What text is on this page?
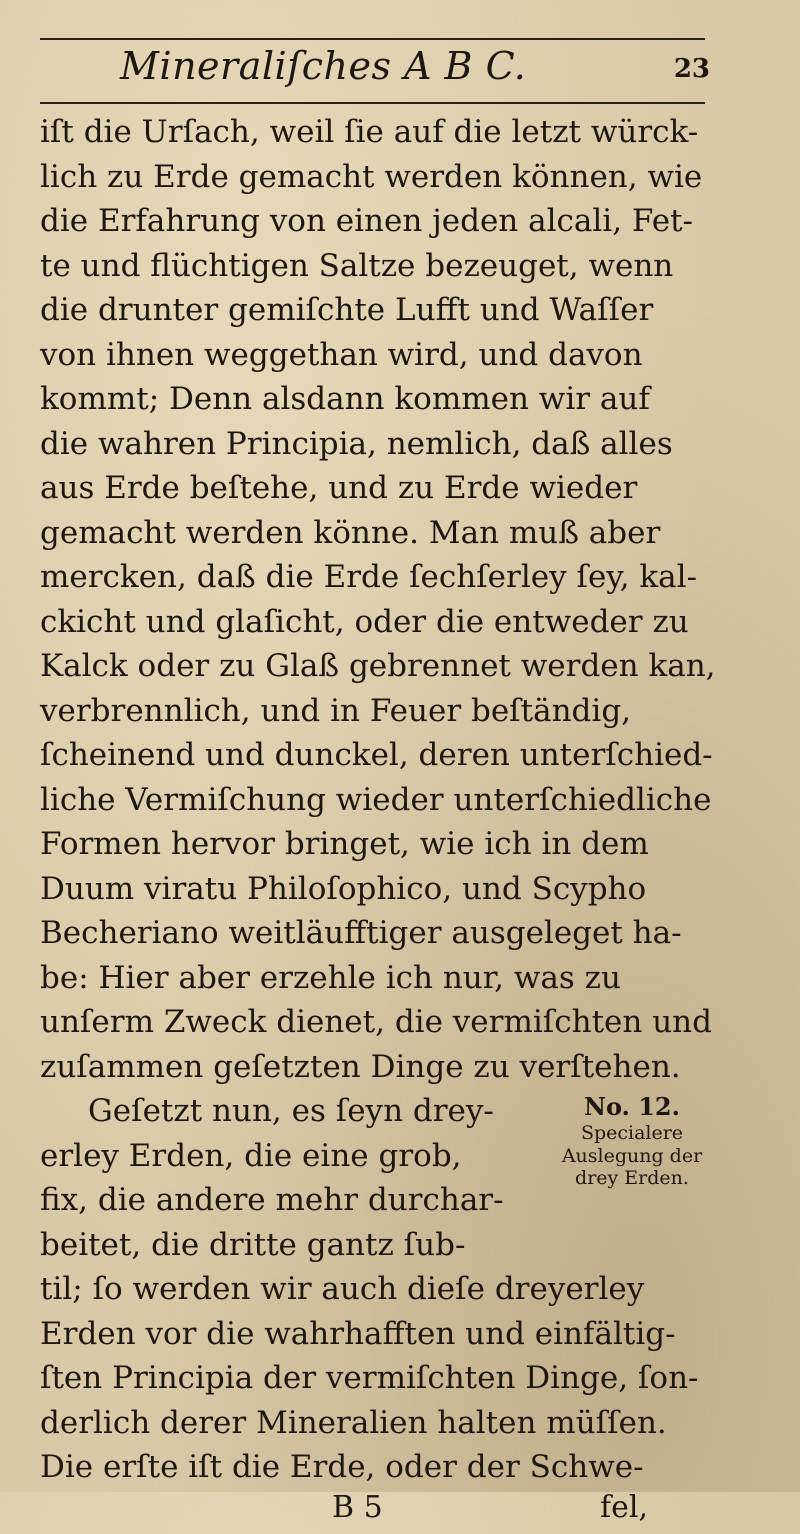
Mineraliſches A B C.	23
iſt die Urſach, weil ſie auf die letzt würck-
lich zu Erde gemacht werden können, wie
die Erfahrung von einen jeden alcali, Fet-
te und flüchtigen Saltze bezeuget, wenn
die drunter gemiſchte Lufft und Waſſer
von ihnen weggethan wird, und davon
kommt; Denn alsdann kommen wir auf
die wahren Principia, nemlich, daß alles
aus Erde beſtehe, und zu Erde wieder
gemacht werden könne. Man muß aber
mercken, daß die Erde ſechſerley ſey, kal-
ckicht und glaſicht, oder die entweder zu
Kalck oder zu Glaß gebrennet werden kan,
verbrennlich, und in Feuer beſtändig,
ſcheinend und dunckel, deren unterſchied-
liche Vermiſchung wieder unterſchiedliche
Formen hervor bringet, wie ich in dem
Duum viratu Philoſophico, und Scypho
Becheriano weitläufftiger ausgeleget ha-
be: Hier aber erzehle ich nur, was zu
unſerm Zweck dienet, die vermiſchten und
zuſammen geſetzten Dinge zu verſtehen.
Geſetzt nun, es ſeyn drey-
erley Erden, die eine grob,
fix, die andere mehr durchar-
beitet, die dritte gantz ſub-
No. 12.
Specialere
Auslegung der
drey Erden.
til; ſo werden wir auch dieſe dreyerley
Erden vor die wahrhafften und einfältig-
ſten Principia der vermiſchten Dinge, ſon-
derlich derer Mineralien halten müſſen.
Die erſte iſt die Erde, oder der Schwe-
B 5	fel,
